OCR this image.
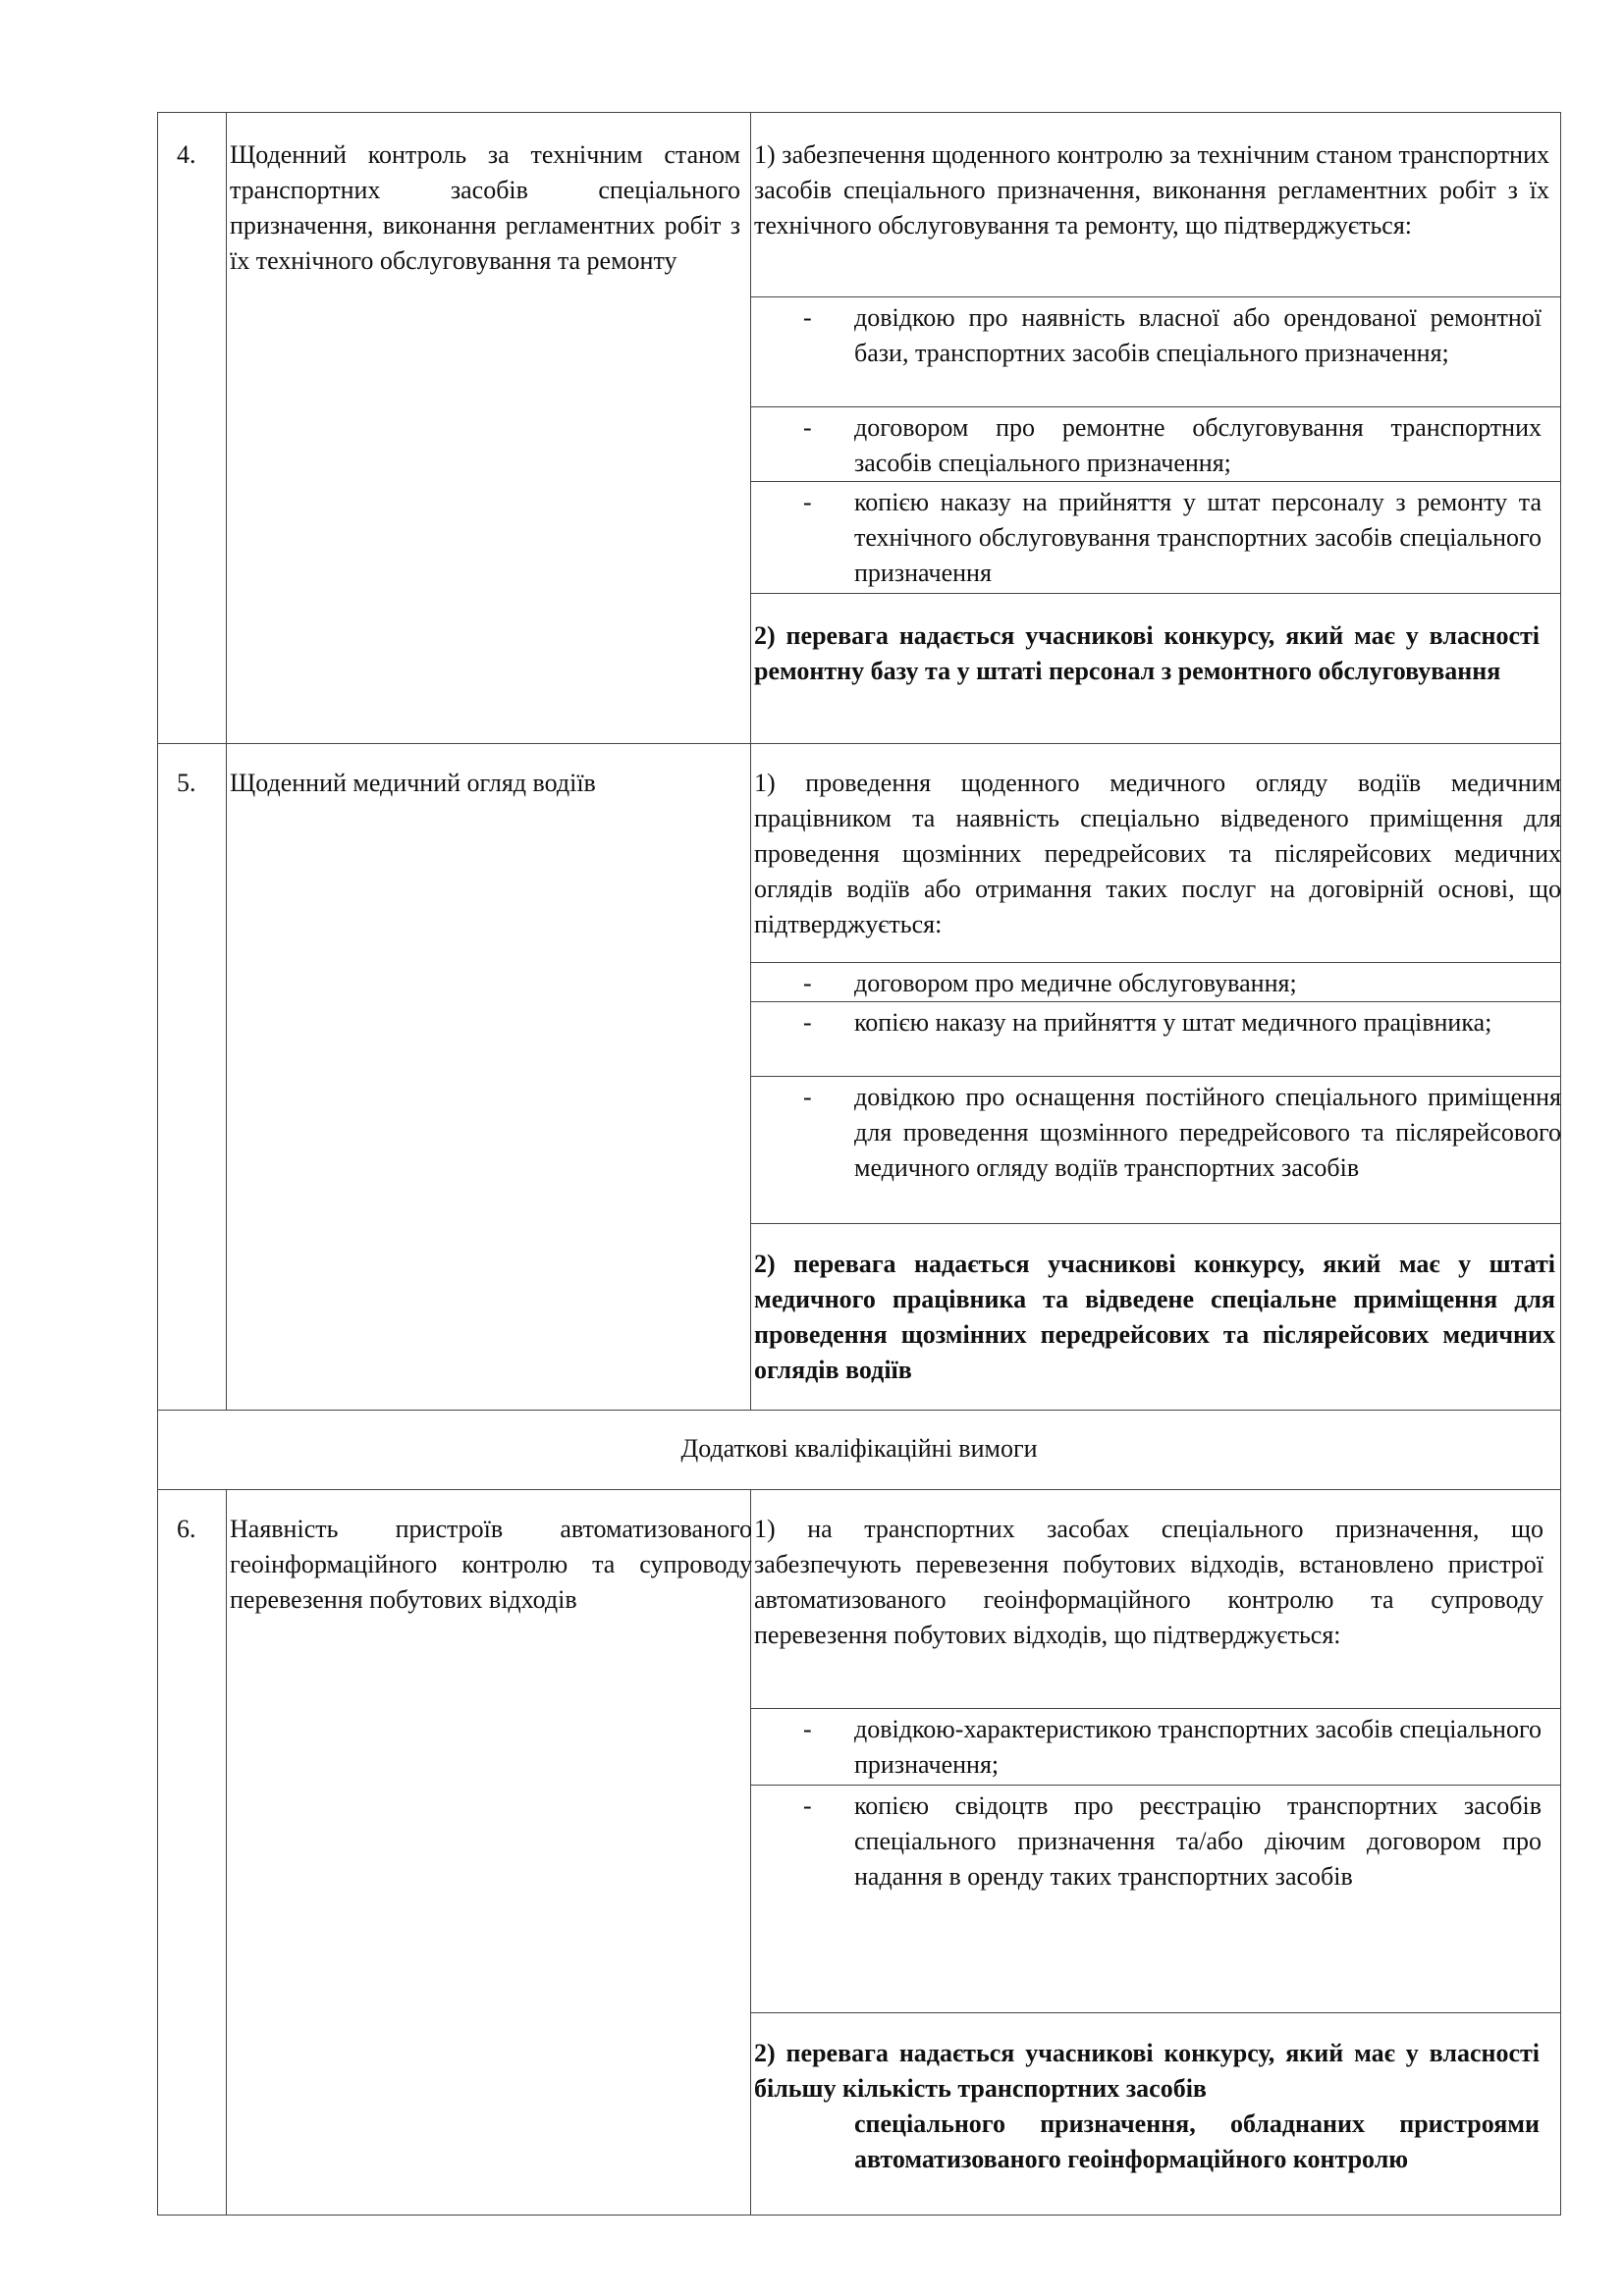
4. Щоденний контроль за технічним станом транспортних засобів спеціального призначення, виконання регламентних робіт з їх технічного обслуговування та ремонту

1) забезпечення щоденного контролю за технічним станом транспортних засобів спеціального призначення, виконання регламентних робіт з їх технічного обслуговування та ремонту, що підтверджується:

- довідкою про наявність власної або орендованої ремонтної бази, транспортних засобів спеціального призначення;
- договором про ремонтне обслуговування транспортних засобів спеціального призначення;
- копією наказу на прийняття у штат персоналу з ремонту та технічного обслуговування транспортних засобів спеціального призначення

2) перевага надається учасникові конкурсу, який має у власності ремонтну базу та у штаті персонал з ремонтного обслуговування

5. Щоденний медичний огляд водіїв	1) проведення щоденного медичного огляду водіїв медичним працівником та наявність спеціально відведеного приміщення для проведення щозмінних передрейсових та післярейсових медичних оглядів водіїв або отримання таких послуг на договірній основі, що підтверджується:

- договором про медичне обслуговування;
- копією наказу на прийняття у штат медичного працівника;
- довідкою про оснащення постійного спеціального приміщення для проведення щозмінного передрейсового та післярейсового медичного огляду водіїв транспортних засобів

2) перевага надається учасникові конкурсу, який має у штаті медичного працівника та відведене спеціальне приміщення для проведення щозмінних передрейсових та післярейсових медичних оглядів водіїв

Додаткові кваліфікаційні вимоги
6. Наявність пристроїв автоматизованого геоінформаційного контролю та супроводу перевезення побутових відходів

1) на транспортних засобах спеціального призначення, що забезпечують перевезення побутових відходів, встановлено пристрої автоматизованого геоінформаційного контролю та супроводу перевезення побутових відходів, що підтверджується:

- довідкою-характеристикою транспортних засобів спеціального призначення;
- копією свідоцтв про реєстрацію транспортних засобів спеціального призначення та/або діючим договором про надання в оренду таких транспортних засобів

2) перевага надається учасникові конкурсу, який має у власності більшу кількість транспортних засобів

спеціального призначення, обладнаних пристроями автоматизованого геоінформаційного контролю
